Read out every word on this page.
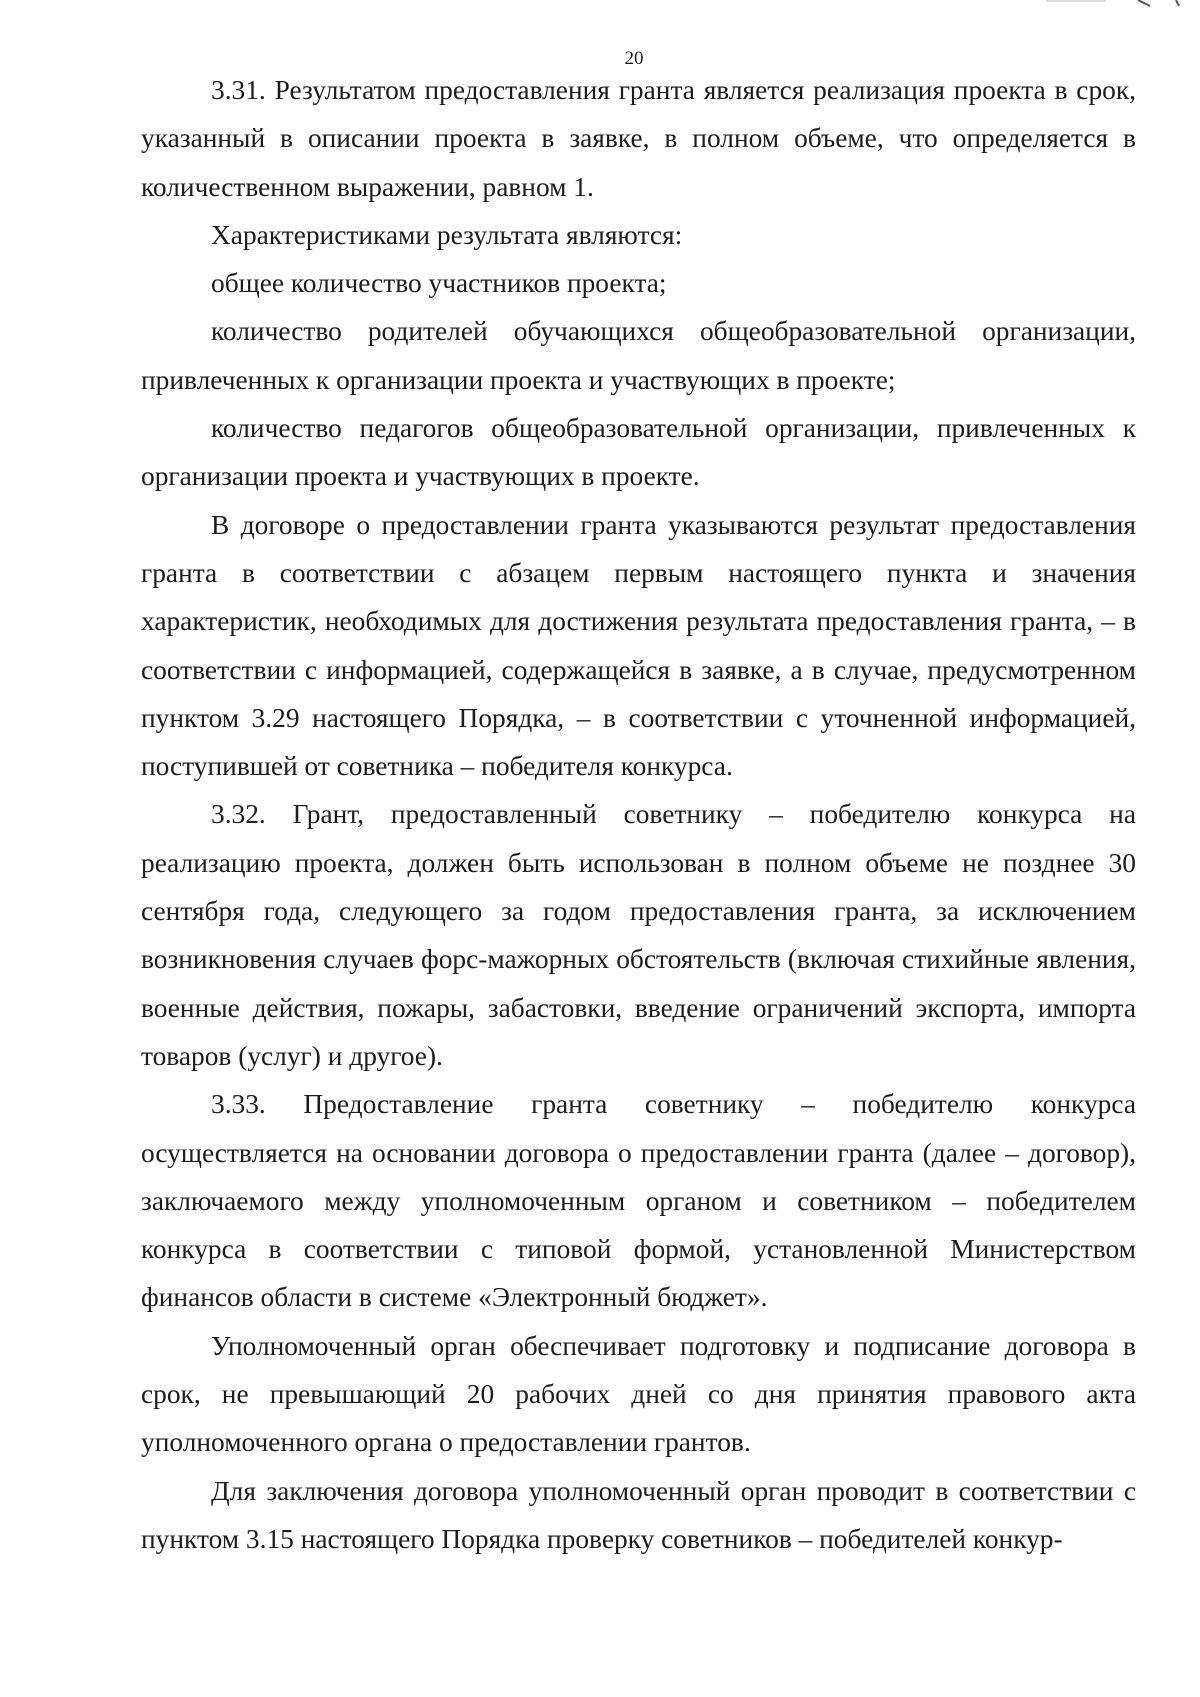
20

3.31. Результатом предоставления гранта является реализация проекта в срок, указанный в описании проекта в заявке, в полном объеме, что определяется в количественном выражении, равном 1.

Характеристиками результата являются:

общее количество участников проекта;

количество родителей обучающихся общеобразовательной организации, привлеченных к организации проекта и участвующих в проекте;

количество педагогов общеобразовательной организации, привлеченных к организации проекта и участвующих в проекте.

В договоре о предоставлении гранта указываются результат предоставления гранта в соответствии с абзацем первым настоящего пункта и значения характеристик, необходимых для достижения результата предоставления гранта, – в соответствии с информацией, содержащейся в заявке, а в случае, предусмотренном пунктом 3.29 настоящего Порядка, – в соответствии с уточненной информацией, поступившей от советника – победителя конкурса.

3.32. Грант, предоставленный советнику – победителю конкурса на реализацию проекта, должен быть использован в полном объеме не позднее 30 сентября года, следующего за годом предоставления гранта, за исключением возникновения случаев форс-мажорных обстоятельств (включая стихийные явления, военные действия, пожары, забастовки, введение ограничений экспорта, импорта товаров (услуг) и другое).

3.33. Предоставление гранта советнику – победителю конкурса осуществляется на основании договора о предоставлении гранта (далее – договор), заключаемого между уполномоченным органом и советником – победителем конкурса в соответствии с типовой формой, установленной Министерством финансов области в системе «Электронный бюджет».

Уполномоченный орган обеспечивает подготовку и подписание договора в срок, не превышающий 20 рабочих дней со дня принятия правового акта уполномоченного органа о предоставлении грантов.

Для заключения договора уполномоченный орган проводит в соответствии с пунктом 3.15 настоящего Порядка проверку советников – победителей конкур-
